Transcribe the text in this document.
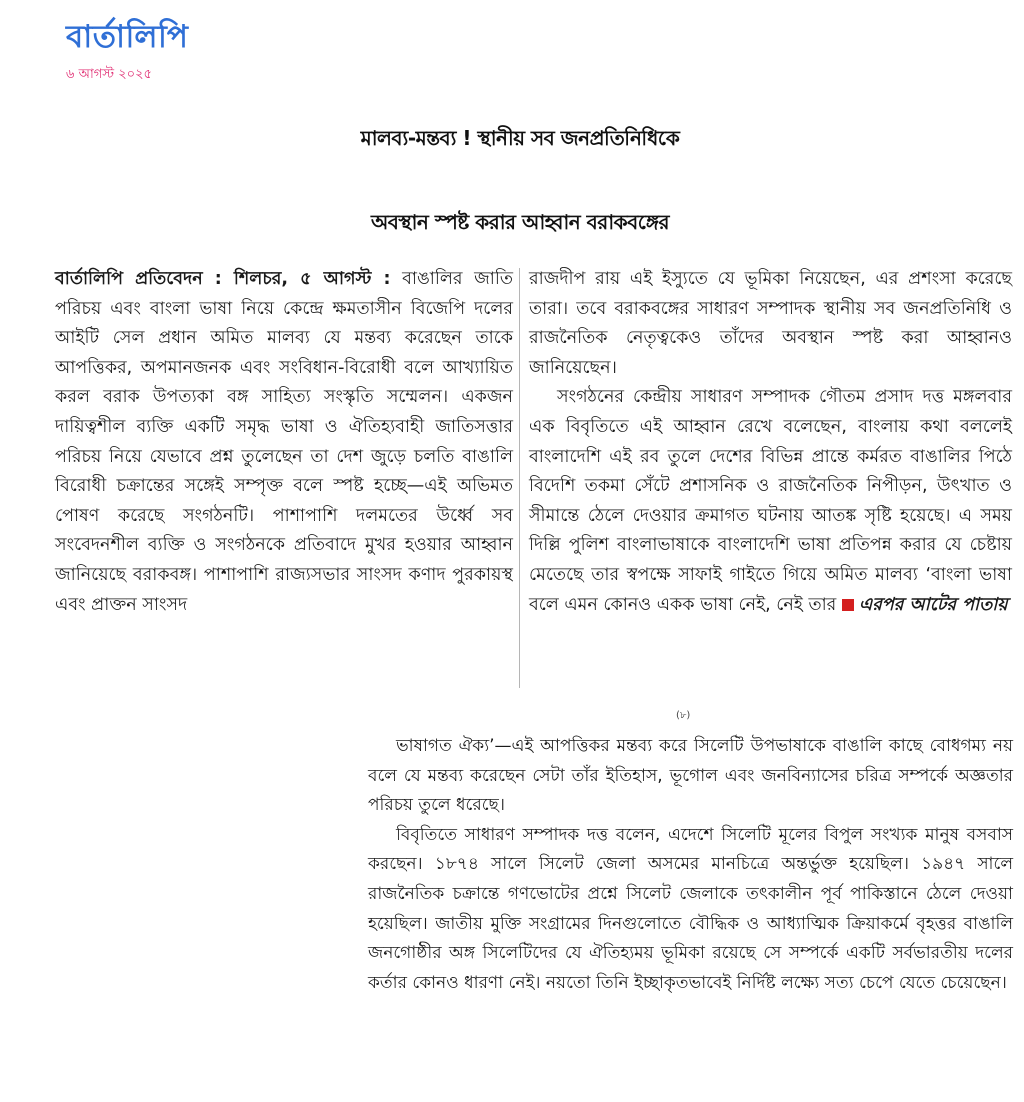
বার্তালিপি
৬ আগস্ট ২০২৫
মালব্য-মন্তব্য ! স্থানীয় সব জনপ্রতিনিধিকে
অবস্থান স্পষ্ট করার আহ্বান বরাকবঙ্গের

বার্তালিপি প্রতিবেদন : শিলচর, ৫ আগস্ট : বাঙালির জাতি পরিচয় এবং বাংলা ভাষা নিয়ে কেন্দ্রে ক্ষমতাসীন বিজেপি দলের আইটি সেল প্রধান অমিত মালব্য যে মন্তব্য করেছেন তাকে আপত্তিকর, অপমানজনক এবং সংবিধান-বিরোধী বলে আখ্যায়িত করল বরাক উপত্যকা বঙ্গ সাহিত্য সংস্কৃতি সম্মেলন। একজন দায়িত্বশীল ব্যক্তি একটি সমৃদ্ধ ভাষা ও ঐতিহ্যবাহী জাতিসত্তার পরিচয় নিয়ে যেভাবে প্রশ্ন তুলেছেন তা দেশ জুড়ে চলতি বাঙালি বিরোধী চক্রান্তের সঙ্গেই সম্পৃক্ত বলে স্পষ্ট হচ্ছে—এই অভিমত পোষণ করেছে সংগঠনটি। পাশাপাশি দলমতের উর্ধ্বে সব সংবেদনশীল ব্যক্তি ও সংগঠনকে প্রতিবাদে মুখর হওয়ার আহ্বান জানিয়েছে বরাকবঙ্গ। পাশাপাশি রাজ্যসভার সাংসদ কণাদ পুরকায়স্থ এবং প্রাক্তন সাংসদ

রাজদীপ রায় এই ইস্যুতে যে ভূমিকা নিয়েছেন, এর প্রশংসা করেছে তারা। তবে বরাকবঙ্গের সাধারণ সম্পাদক স্থানীয় সব জনপ্রতিনিধি ও রাজনৈতিক নেতৃত্বকেও তাঁদের অবস্থান স্পষ্ট করা আহ্বানও জানিয়েছেন।

সংগঠনের কেন্দ্রীয় সাধারণ সম্পাদক গৌতম প্রসাদ দত্ত মঙ্গলবার এক বিবৃতিতে এই আহ্বান রেখে বলেছেন, বাংলায় কথা বললেই বাংলাদেশি এই রব তুলে দেশের বিভিন্ন প্রান্তে কর্মরত বাঙালির পিঠে বিদেশি তকমা সেঁটে প্রশাসনিক ও রাজনৈতিক নিপীড়ন, উৎখাত ও সীমান্তে ঠেলে দেওয়ার ক্রমাগত ঘটনায় আতঙ্ক সৃষ্টি হয়েছে। এ সময় দিল্লি পুলিশ বাংলাভাষাকে বাংলাদেশি ভাষা প্রতিপন্ন করার যে চেষ্টায় মেতেছে তার স্বপক্ষে সাফাই গাইতে গিয়ে অমিত মালব্য ‘বাংলা ভাষা বলে এমন কোনও একক ভাষা নেই, নেই তার এরপর আটের পাতায়

(৮)

ভাষাগত ঐক্য’—এই আপত্তিকর মন্তব্য করে সিলেটি উপভাষাকে বাঙালি কাছে বোধগম্য নয় বলে যে মন্তব্য করেছেন সেটা তাঁর ইতিহাস, ভূগোল এবং জনবিন্যাসের চরিত্র সম্পর্কে অজ্ঞতার পরিচয় তুলে ধরেছে।

বিবৃতিতে সাধারণ সম্পাদক দত্ত বলেন, এদেশে সিলেটি মূলের বিপুল সংখ্যক মানুষ বসবাস করছেন। ১৮৭৪ সালে সিলেট জেলা অসমের মানচিত্রে অন্তর্ভুক্ত হয়েছিল। ১৯৪৭ সালে রাজনৈতিক চক্রান্তে গণভোটের প্রশ্নে সিলেট জেলাকে তৎকালীন পূর্ব পাকিস্তানে ঠেলে দেওয়া হয়েছিল। জাতীয় মুক্তি সংগ্রামের দিনগুলোতে বৌদ্ধিক ও আধ্যাত্মিক ক্রিয়াকর্মে বৃহত্তর বাঙালি জনগোষ্ঠীর অঙ্গ সিলেটিদের যে ঐতিহ্যময় ভূমিকা রয়েছে সে সম্পর্কে একটি সর্বভারতীয় দলের কর্তার কোনও ধারণা নেই। নয়তো তিনি ইচ্ছাকৃতভাবেই নির্দিষ্ট লক্ষ্যে সত্য চেপে যেতে চেয়েছেন।
